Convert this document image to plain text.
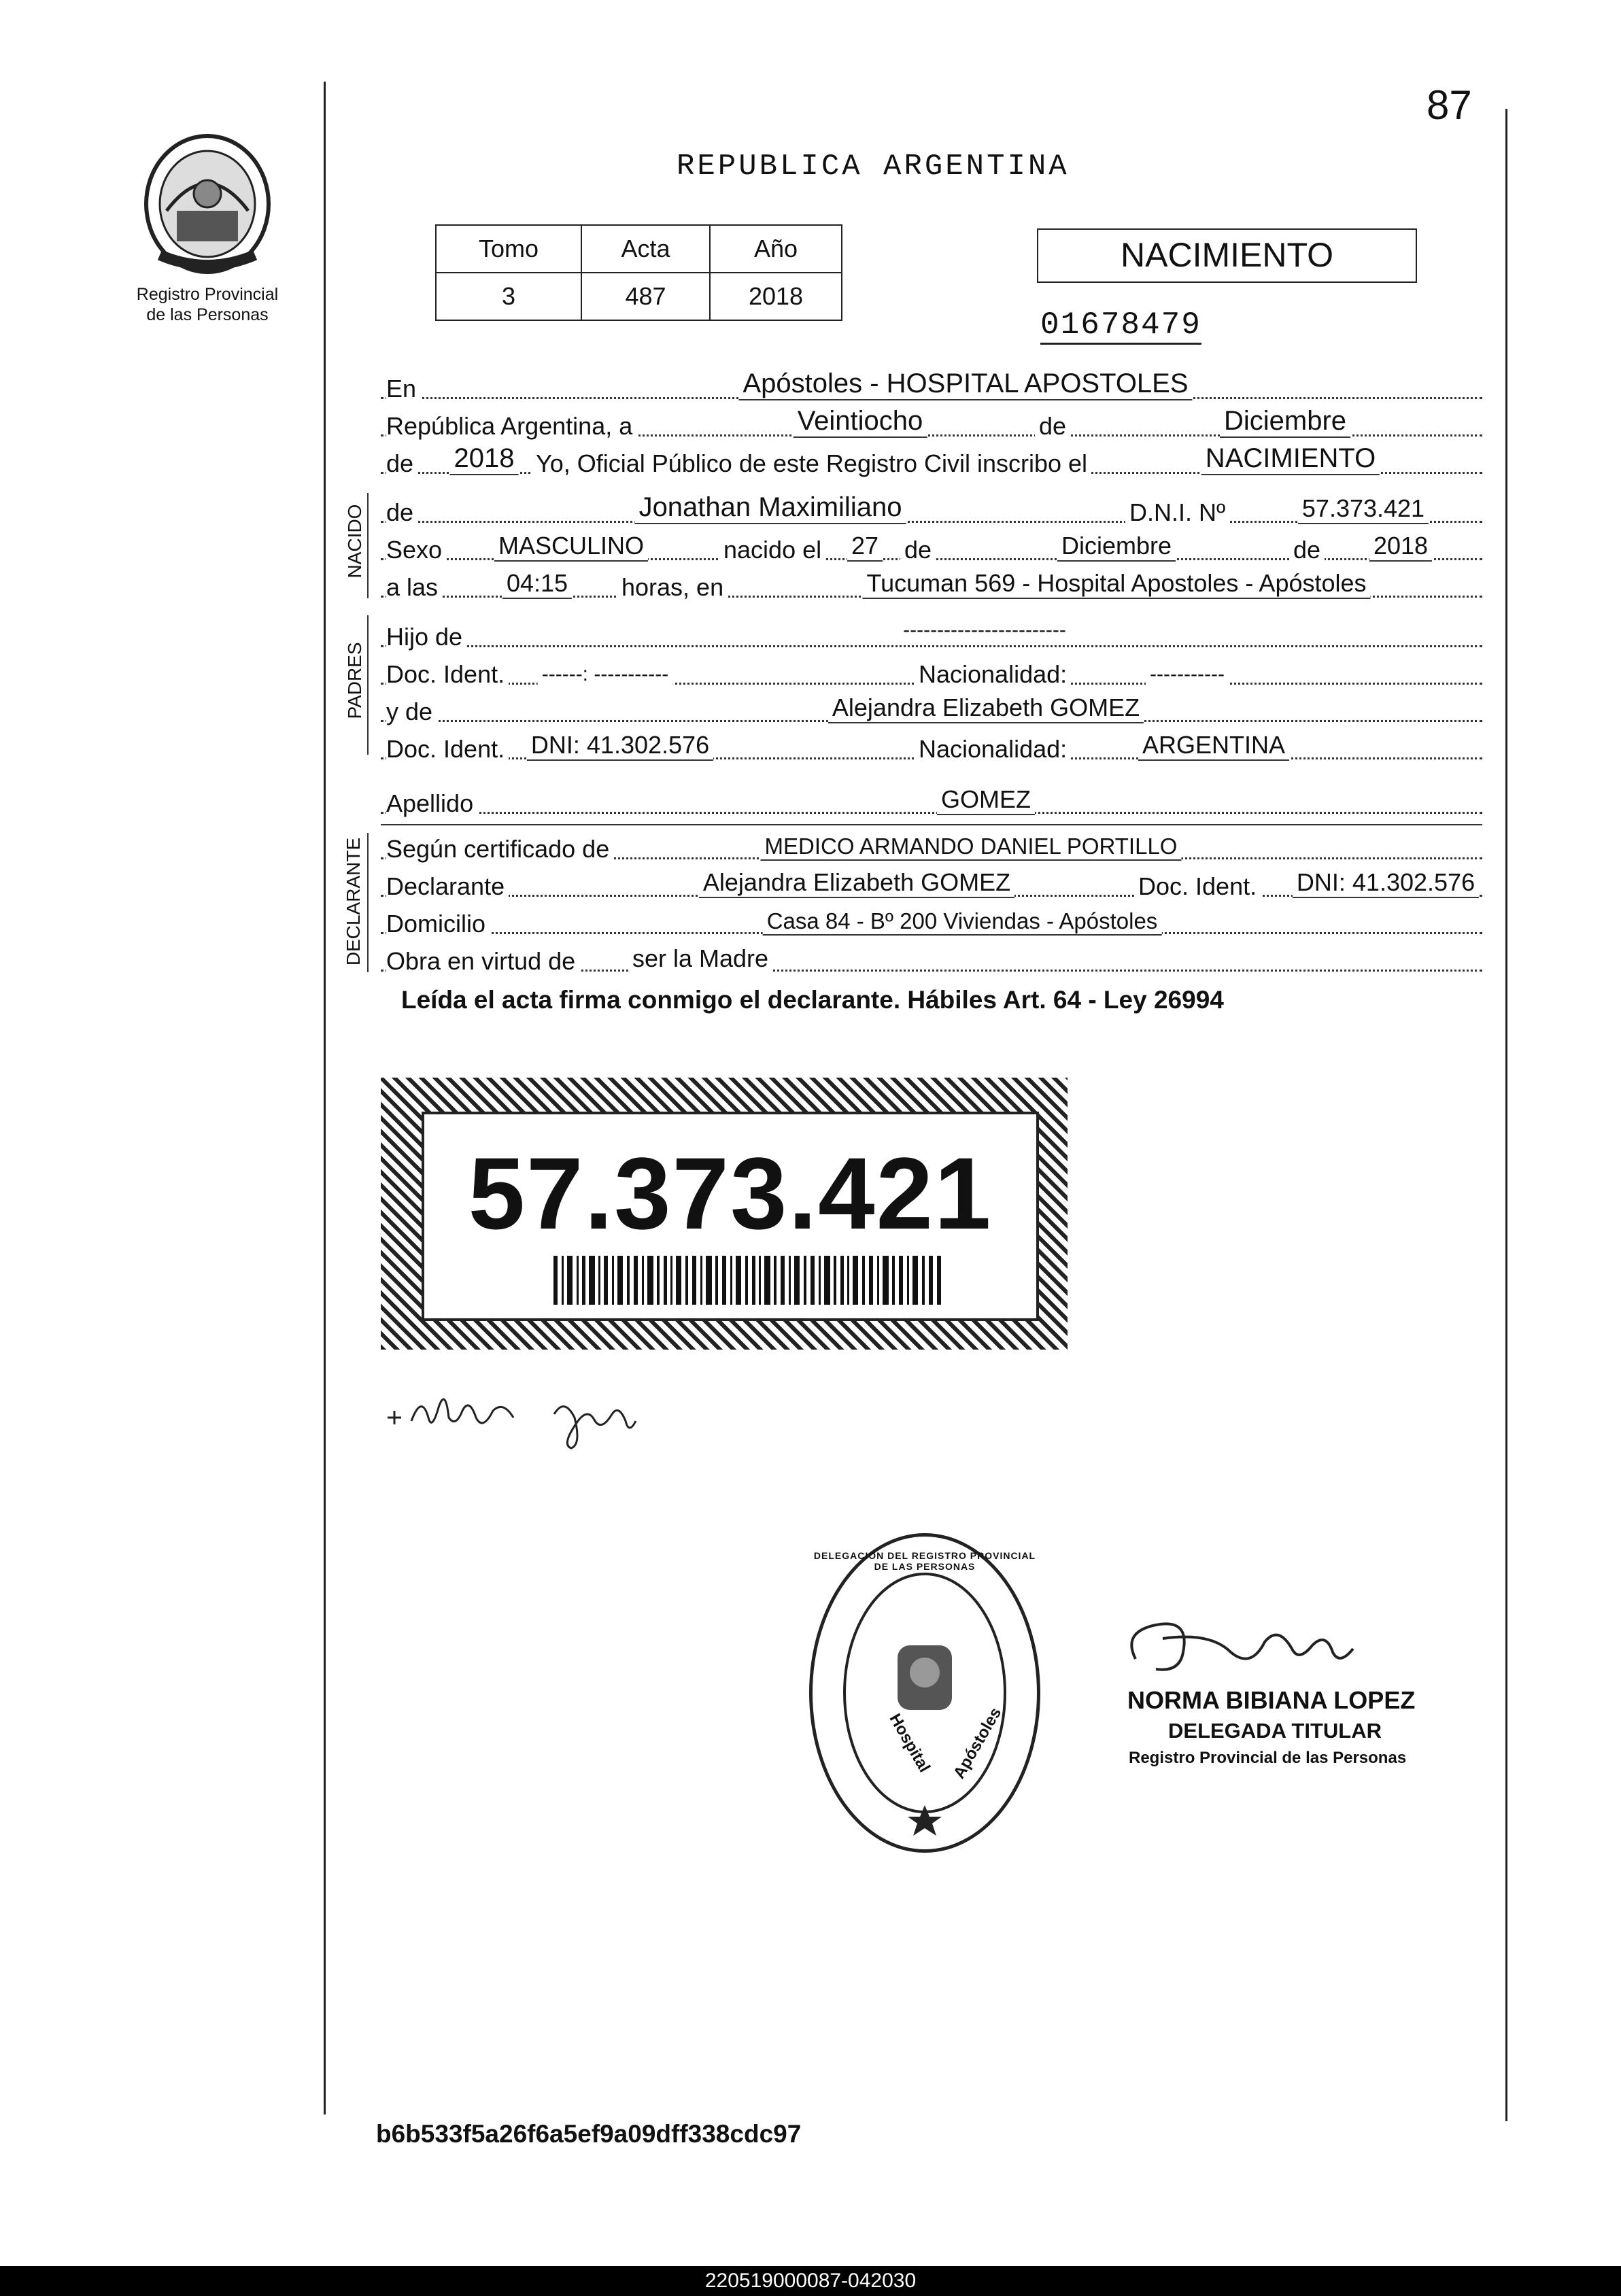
Registro Provincial
de las Personas
87
REPUBLICA ARGENTINA
Tomo	Acta	Año
3	487	2018
NACIMIENTO
01678479
En	Apóstoles - HOSPITAL APOSTOLES
República Argentina, a	Veintiocho	de	Diciembre
de 2018 Yo, Oficial Público de este Registro Civil inscribo el	NACIMIENTO
NACIDO de	Jonathan Maximiliano	D.N.I. Nº	57.373.421
Sexo MASCULINO	nacido el 27 de	Diciembre	de 2018
a las	04:15 horas, en	Tucuman 569 - Hospital Apostoles - Apóstoles
PADRES
Hijo de	------------------------
Doc. Ident. ------: -----------	Nacionalidad:	-----------
y de	Alejandra Elizabeth GOMEZ
Doc. Ident. DNI: 41.302.576	Nacionalidad:	ARGENTINA
Apellido	GOMEZ
DECLARANTE Según certificado de	MEDICO ARMANDO DANIEL PORTILLO
Declarante	Alejandra Elizabeth GOMEZ	Doc. Ident. DNI: 41.302.576
Domicilio	Casa 84 - Bº 200 Viviendas - Apóstoles
Obra en virtud de ser la Madre
Leída el acta firma conmigo el declarante. Hábiles Art. 64 - Ley 26994
57.373.421
DELEGACION DEL REGISTRO PROVINCIAL DE LAS PERSONAS
Hospital Apóstoles
NORMA BIBIANA LOPEZ
DELEGADA TITULAR
Registro Provincial de las Personas
b6b533f5a26f6a5ef9a09dff338cdc97
220519000087-042030
